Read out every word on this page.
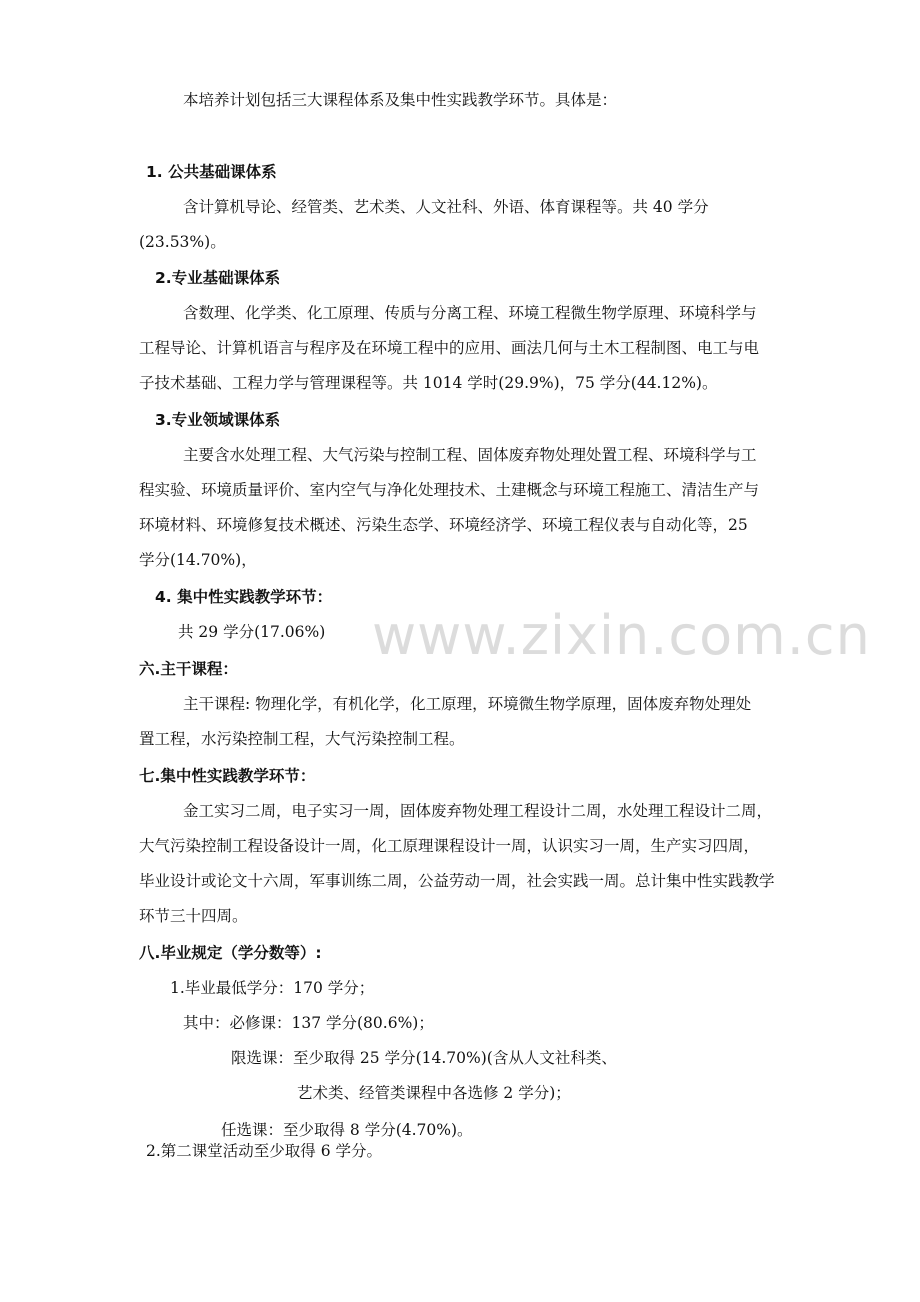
www.zixin.com.cn
本培养计划包括三大课程体系及集中性实践教学环节。具体是：
1. 公共基础课体系
含计算机导论、经管类、艺术类、人文社科、外语、体育课程等。共 40 学分
(23.53%)。
2.专业基础课体系
含数理、化学类、化工原理、传质与分离工程、环境工程微生物学原理、环境科学与
工程导论、计算机语言与程序及在环境工程中的应用、画法几何与土木工程制图、电工与电
子技术基础、工程力学与管理课程等。共 1014 学时(29.9%)，75 学分(44.12%)。
3.专业领域课体系
主要含水处理工程、大气污染与控制工程、固体废弃物处理处置工程、环境科学与工
程实验、环境质量评价、室内空气与净化处理技术、土建概念与环境工程施工、清洁生产与
环境材料、环境修复技术概述、污染生态学、环境经济学、环境工程仪表与自动化等，25
学分(14.70%)，
4. 集中性实践教学环节：
共 29 学分(17.06%)
六.主干课程：
主干课程: 物理化学，有机化学，化工原理，环境微生物学原理，固体废弃物处理处
置工程，水污染控制工程，大气污染控制工程。
七.集中性实践教学环节：
金工实习二周，电子实习一周，固体废弃物处理工程设计二周，水处理工程设计二周，
大气污染控制工程设备设计一周，化工原理课程设计一周，认识实习一周，生产实习四周，
毕业设计或论文十六周，军事训练二周，公益劳动一周，社会实践一周。总计集中性实践教学
环节三十四周。
八.毕业规定（学分数等）:
1.毕业最低学分：170 学分；
其中：必修课：137 学分(80.6%)；
限选课：至少取得 25 学分(14.70%)(含从人文社科类、
艺术类、经管类课程中各选修 2 学分)；
任选课：至少取得 8 学分(4.70%)。
2.第二课堂活动至少取得 6 学分。
